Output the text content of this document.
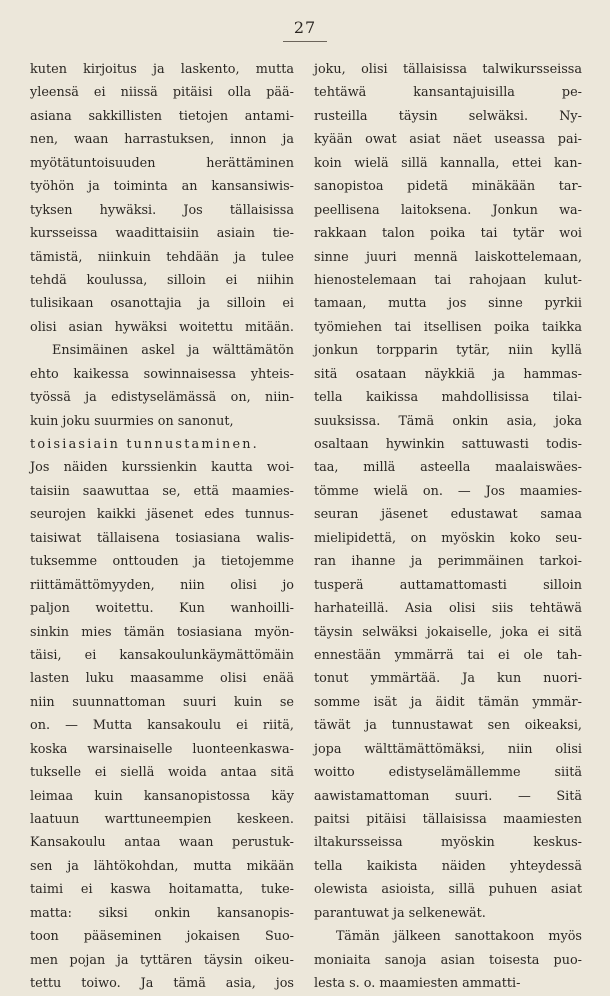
27
kuten kirjoitus ja laskento, mutta
yleensä ei niissä pitäisi olla pää-
asiana sakkillisten tietojen antami-
nen, waan harrastuksen, innon ja
myötätuntoisuuden herättäminen
työhön ja toiminta an kansansiwis-
tyksen hywäksi. Jos tällaisissa
kursseissa waadittaisiin asiain tie-
tämistä, niinkuin tehdään ja tulee
tehdä koulussa, silloin ei niihin
tulisikaan osanottajia ja silloin ei
olisi asian hywäksi woitettu mitään.
Ensimäinen askel ja wälttämätön
ehto kaikessa sowinnaisessa yhteis-
työssä ja edistyselämässä on, niin-
kuin joku suurmies on sanonut,
toisiasiain tunnustaminen.
Jos näiden kurssienkin kautta woi-
taisiin saawuttaa se, että maamies-
seurojen kaikki jäsenet edes tunnus-
taisiwat tällaisena tosiasiana walis-
tuksemme onttouden ja tietojemme
riittämättömyyden, niin olisi jo
paljon woitettu. Kun wanhoilli-
sinkin mies tämän tosiasiana myön-
täisi, ei kansakoulunkäymättömäin
lasten luku maasamme olisi enää
niin suunnattoman suuri kuin se
on. — Mutta kansakoulu ei riitä,
koska warsinaiselle luonteenkaswa-
tukselle ei siellä woida antaa sitä
leimaa kuin kansanopistossa käy
laatuun warttuneempien keskeen.
Kansakoulu antaa waan perustuk-
sen ja lähtökohdan, mutta mikään
taimi ei kaswa hoitamatta, tuke-
matta: siksi onkin kansanopis-
toon pääseminen jokaisen Suo-
men pojan ja tyttären täysin oikeu-
tettu toiwo. Ja tämä asia, jos
joku, olisi tällaisissa talwikursseissa
tehtäwä kansantajuisilla pe-
rusteilla täysin selwäksi. Ny-
kyään owat asiat näet useassa pai-
koin wielä sillä kannalla, ettei kan-
sanopistoa pidetä minäkään tar-
peellisena laitoksena. Jonkun wa-
rakkaan talon poika tai tytär woi
sinne juuri mennä laiskottelemaan,
hienostelemaan tai rahojaan kulut-
tamaan, mutta jos sinne pyrkii
työmiehen tai itsellisen poika taikka
jonkun torpparin tytär, niin kyllä
sitä osataan näykkiä ja hammas-
tella kaikissa mahdollisissa tilai-
suuksissa. Tämä onkin asia, joka
osaltaan hywinkin sattuwasti todis-
taa, millä asteella maalaiswäes-
tömme wielä on. — Jos maamies-
seuran jäsenet edustawat samaa
mielipidettä, on myöskin koko seu-
ran ihanne ja perimmäinen tarkoi-
tusperä auttamattomasti silloin
harhateillä. Asia olisi siis tehtäwä
täysin selwäksi jokaiselle, joka ei sitä
ennestään ymmärrä tai ei ole tah-
tonut ymmärtää. Ja kun nuori-
somme isät ja äidit tämän ymmär-
täwät ja tunnustawat sen oikeaksi,
jopa wälttämättömäksi, niin olisi
woitto edistyselämällemme siitä
aawistamattoman suuri. — Sitä
paitsi pitäisi tällaisissa maamiesten
iltakursseissa myöskin keskus-
tella kaikista näiden yhteydessä
olewista asioista, sillä puhuen asiat
parantuwat ja selkenewät.
Tämän jälkeen sanottakoon myös
moniaita sanoja asian toisesta puo-
lesta s. o. maamiesten ammatti-
